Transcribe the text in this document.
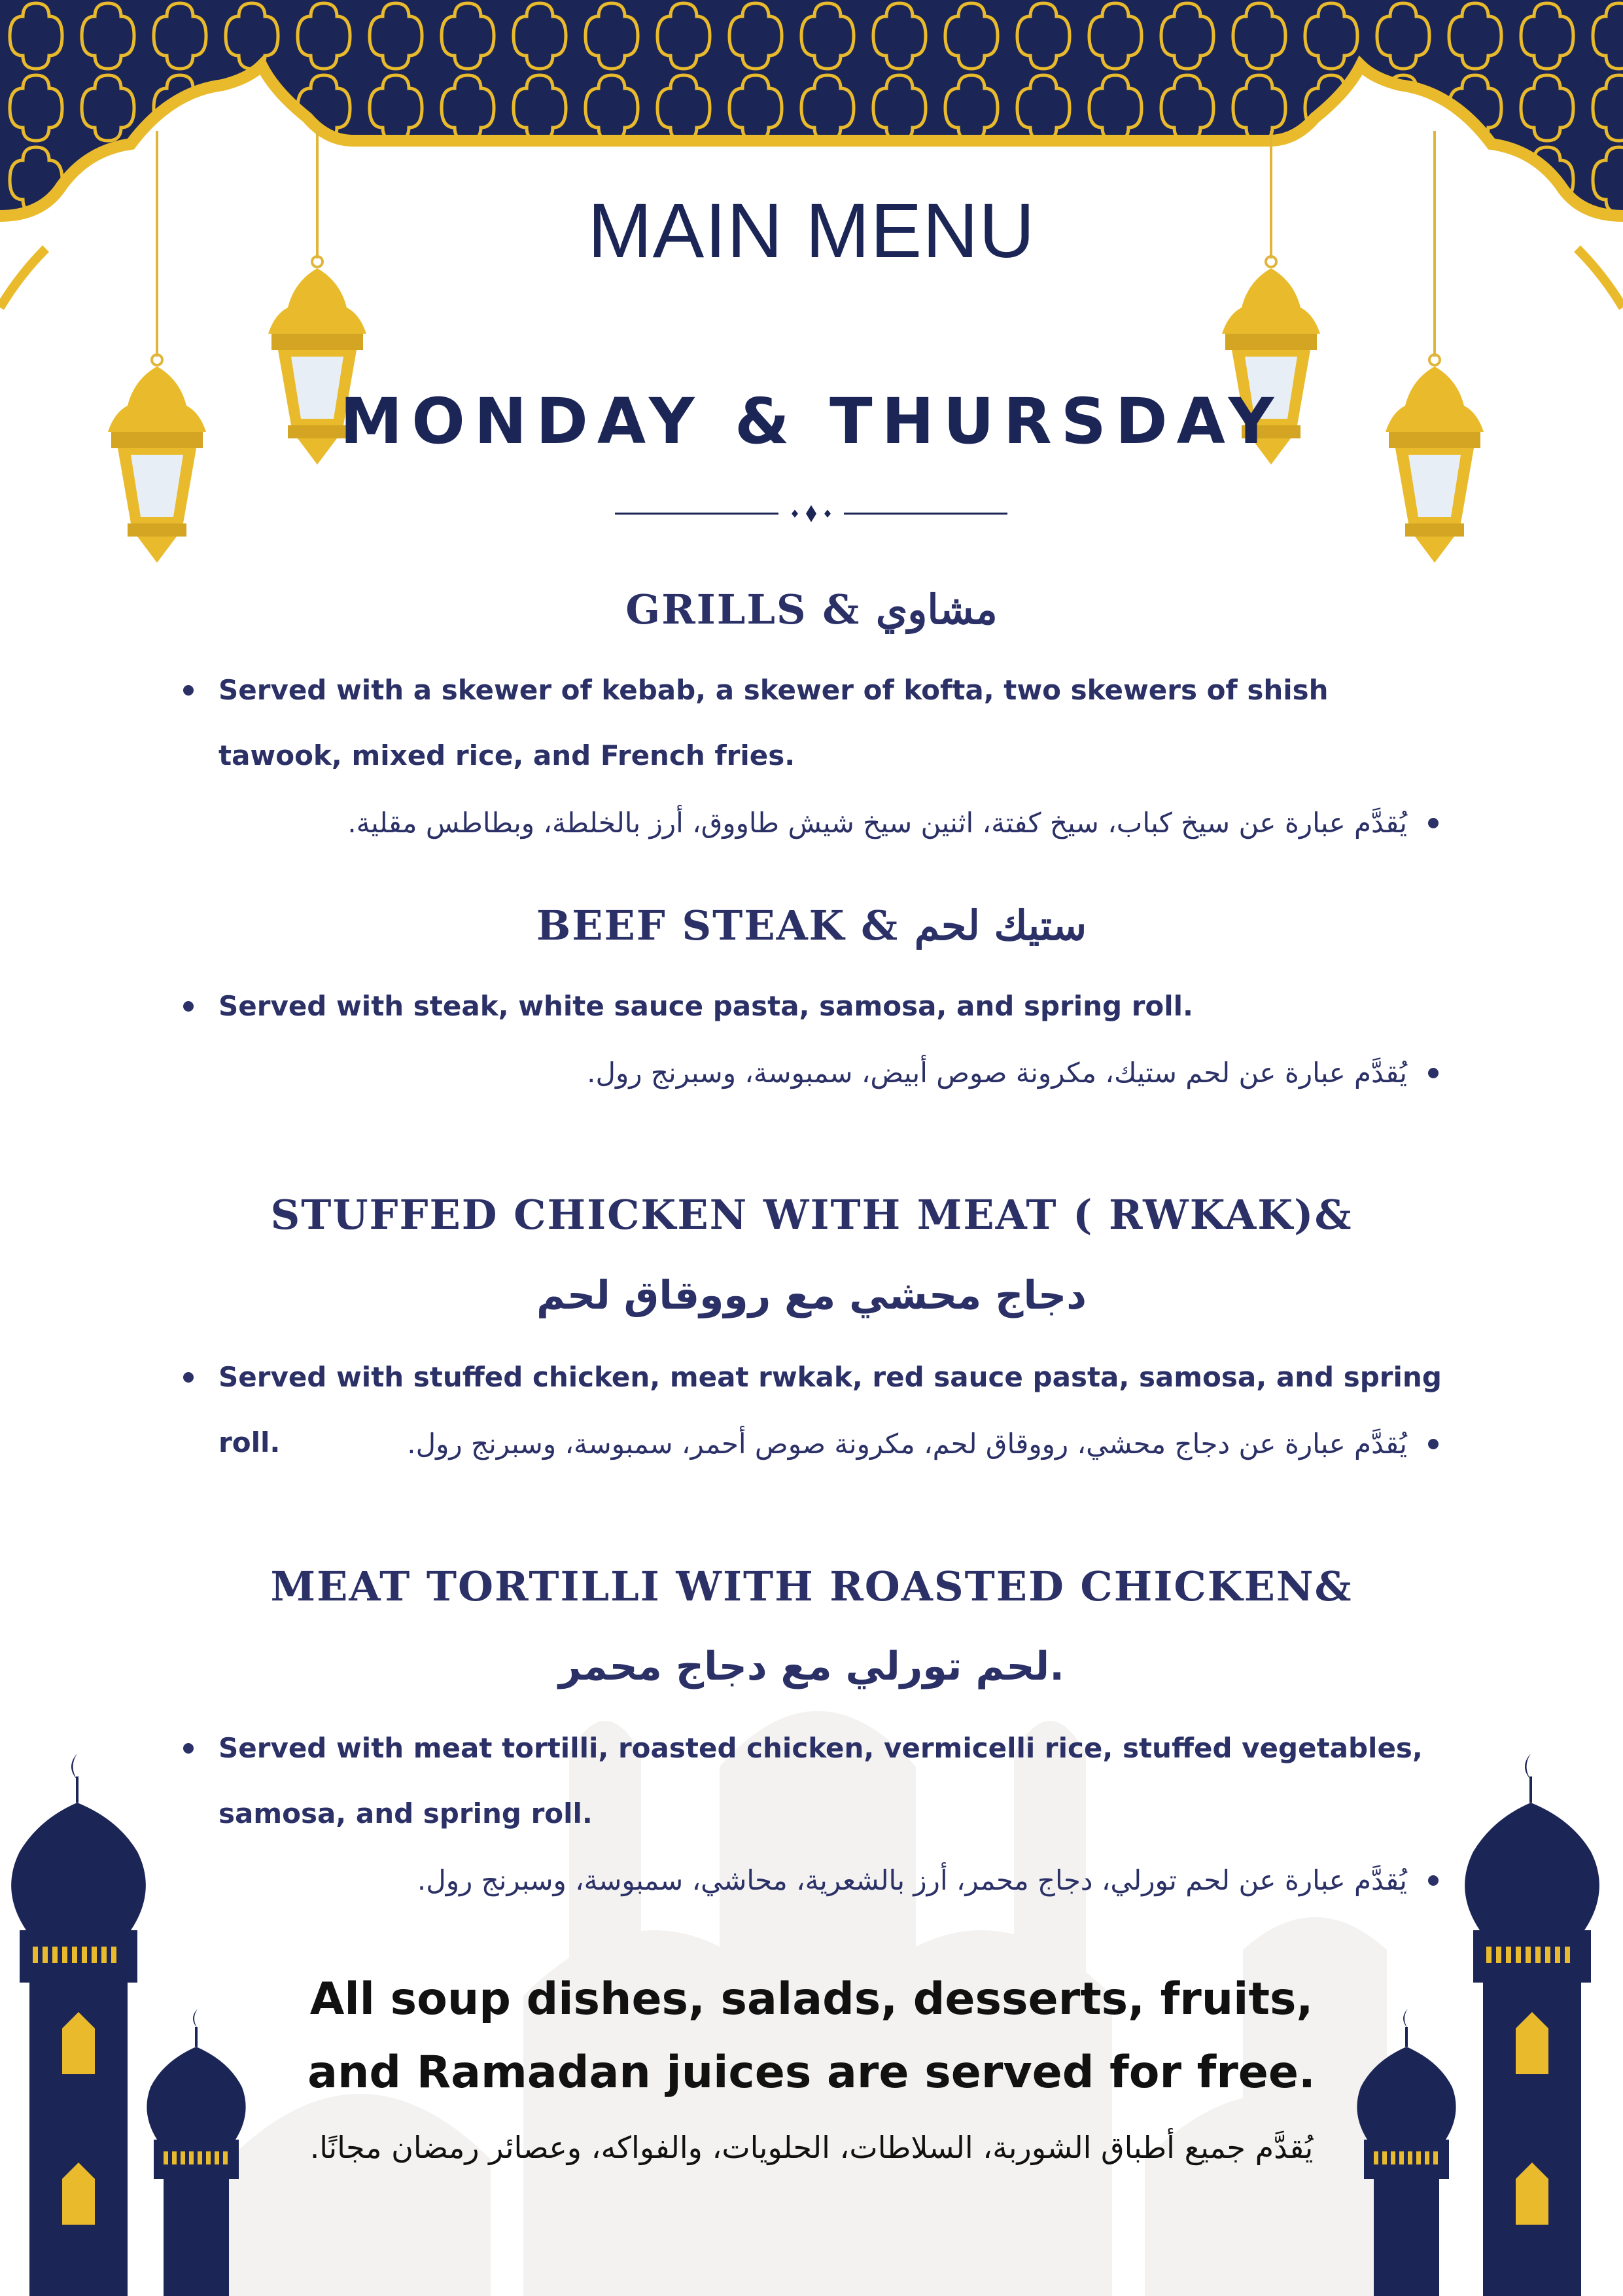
MAIN MENU
MONDAY & THURSDAY
GRILLS & مشاوي
Served with a skewer of kebab, a skewer of kofta, two skewers of shish tawook, mixed rice, and French fries.
يُقدَّم عبارة عن سيخ كباب، سيخ كفتة، اثنين سيخ شيش طاووق، أرز بالخلطة، وبطاطس مقلية.
BEEF STEAK & ستيك لحم
Served with steak, white sauce pasta, samosa, and spring roll.
يُقدَّم عبارة عن لحم ستيك، مكرونة صوص أبيض، سمبوسة، وسبرنج رول.
STUFFED CHICKEN WITH MEAT ( RWKAK)&
دجاج محشي مع رووقاق لحم
Served with stuffed chicken, meat rwkak, red sauce pasta, samosa, and spring roll.	يُقدَّم عبارة عن دجاج محشي، رووقاق لحم، مكرونة صوص أحمر، سمبوسة، وسبرنج رول.
MEAT TORTILLI WITH ROASTED CHICKEN&
لحم تورلي مع دجاج محمر.
Served with meat tortilli, roasted chicken, vermicelli rice, stuffed vegetables, samosa, and spring roll.
يُقدَّم عبارة عن لحم تورلي، دجاج محمر، أرز بالشعرية، محاشي، سمبوسة، وسبرنج رول.
All soup dishes, salads, desserts, fruits,
and Ramadan juices are served for free.
يُقدَّم جميع أطباق الشوربة، السلاطات، الحلويات، والفواكه، وعصائر رمضان مجانًا.
